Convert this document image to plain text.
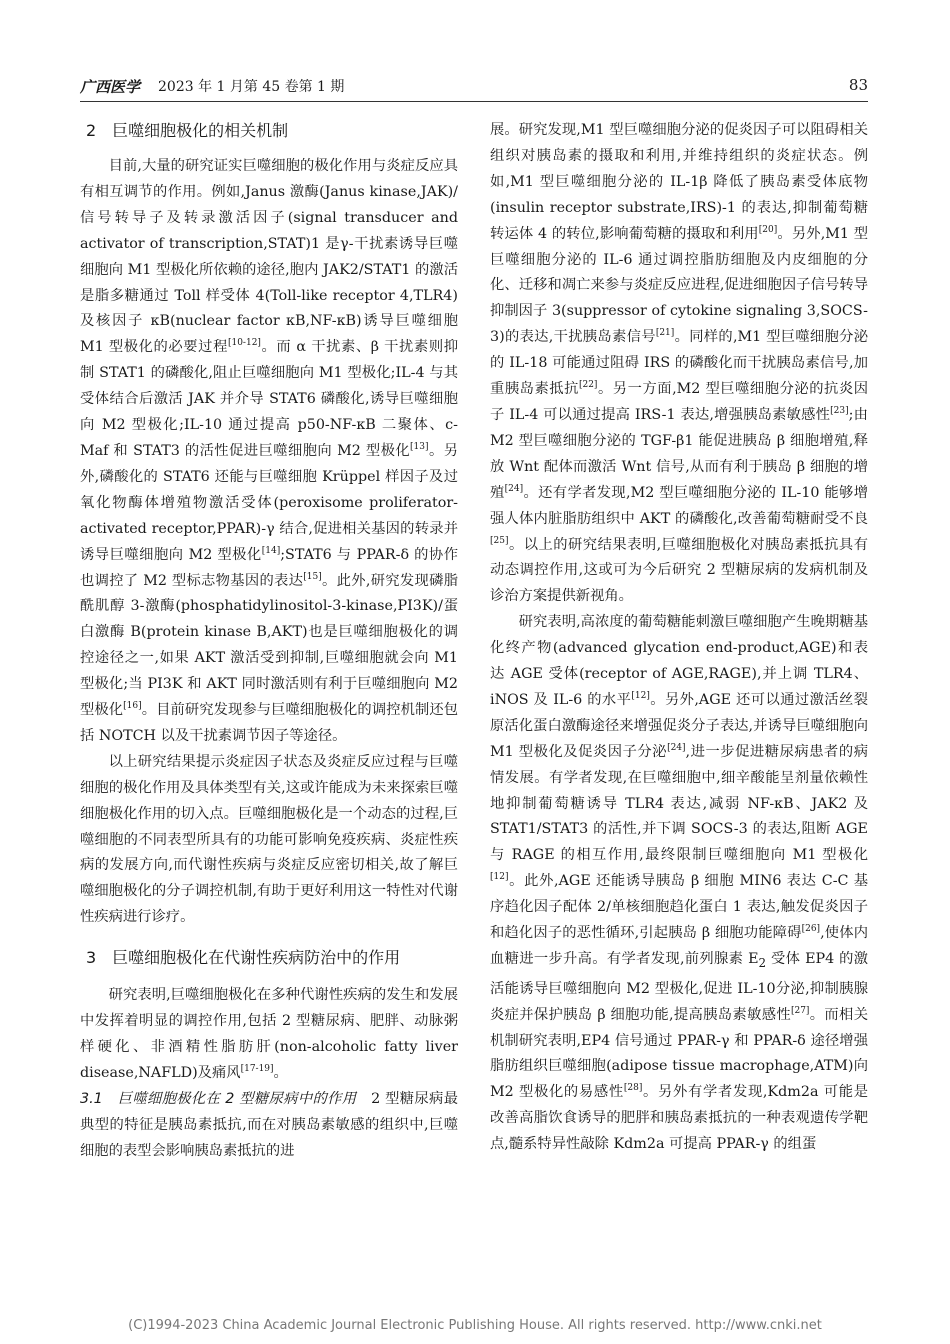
广西医学 2023 年 1 月第 45 卷第 1 期	83
2　巨噬细胞极化的相关机制

目前,大量的研究证实巨噬细胞的极化作用与炎症反应具有相互调节的作用。例如,Janus 激酶(Janus kinase,JAK)/信号转导子及转录激活因子(signal transducer and activator of transcription,STAT)1 是γ-干扰素诱导巨噬细胞向 M1 型极化所依赖的途径,胞内 JAK2/STAT1 的激活是脂多糖通过 Toll 样受体 4(Toll-like receptor 4,TLR4)及核因子 κB(nuclear factor κB,NF-κB)诱导巨噬细胞 M1 型极化的必要过程[10-12]。而 α 干扰素、β 干扰素则抑制 STAT1 的磷酸化,阻止巨噬细胞向 M1 型极化;IL-4 与其受体结合后激活 JAK 并介导 STAT6 磷酸化,诱导巨噬细胞向 M2 型极化;IL-10 通过提高 p50-NF-κB 二聚体、c-Maf 和 STAT3 的活性促进巨噬细胞向 M2 型极化[13]。另外,磷酸化的 STAT6 还能与巨噬细胞 Krüppel 样因子及过氧化物酶体增殖物激活受体(peroxisome proliferator-activated receptor,PPAR)-γ 结合,促进相关基因的转录并诱导巨噬细胞向 M2 型极化[14];STAT6 与 PPAR-δ 的协作也调控了 M2 型标志物基因的表达[15]。此外,研究发现磷脂酰肌醇 3-激酶(phosphatidylinositol-3-kinase,PI3K)/蛋白激酶 B(protein kinase B,AKT)也是巨噬细胞极化的调控途径之一,如果 AKT 激活受到抑制,巨噬细胞就会向 M1 型极化;当 PI3K 和 AKT 同时激活则有利于巨噬细胞向 M2 型极化[16]。目前研究发现参与巨噬细胞极化的调控机制还包括 NOTCH 以及干扰素调节因子等途径。

以上研究结果提示炎症因子状态及炎症反应过程与巨噬细胞的极化作用及具体类型有关,这或许能成为未来探索巨噬细胞极化作用的切入点。巨噬细胞极化是一个动态的过程,巨噬细胞的不同表型所具有的功能可影响免疫疾病、炎症性疾病的发展方向,而代谢性疾病与炎症反应密切相关,故了解巨噬细胞极化的分子调控机制,有助于更好利用这一特性对代谢性疾病进行诊疗。

3　巨噬细胞极化在代谢性疾病防治中的作用

研究表明,巨噬细胞极化在多种代谢性疾病的发生和发展中发挥着明显的调控作用,包括 2 型糖尿病、肥胖、动脉粥样硬化、非酒精性脂肪肝(non-alcoholic fatty liver disease,NAFLD)及痛风[17-19]。

3.1　巨噬细胞极化在 2 型糖尿病中的作用　2 型糖尿病最典型的特征是胰岛素抵抗,而在对胰岛素敏感的组织中,巨噬细胞的表型会影响胰岛素抵抗的进

展。研究发现,M1 型巨噬细胞分泌的促炎因子可以阻碍相关组织对胰岛素的摄取和利用,并维持组织的炎症状态。例如,M1 型巨噬细胞分泌的 IL-1β 降低了胰岛素受体底物(insulin receptor substrate,IRS)-1 的表达,抑制葡萄糖转运体 4 的转位,影响葡萄糖的摄取和利用[20]。另外,M1 型巨噬细胞分泌的 IL-6 通过调控脂肪细胞及内皮细胞的分化、迁移和凋亡来参与炎症反应进程,促进细胞因子信号转导抑制因子 3(suppressor of cytokine signaling 3,SOCS-3)的表达,干扰胰岛素信号[21]。同样的,M1 型巨噬细胞分泌的 IL-18 可能通过阻碍 IRS 的磷酸化而干扰胰岛素信号,加重胰岛素抵抗[22]。另一方面,M2 型巨噬细胞分泌的抗炎因子 IL-4 可以通过提高 IRS-1 表达,增强胰岛素敏感性[23];由 M2 型巨噬细胞分泌的 TGF-β1 能促进胰岛 β 细胞增殖,释放 Wnt 配体而激活 Wnt 信号,从而有利于胰岛 β 细胞的增殖[24]。还有学者发现,M2 型巨噬细胞分泌的 IL-10 能够增强人体内脏脂肪组织中 AKT 的磷酸化,改善葡萄糖耐受不良[25]。以上的研究结果表明,巨噬细胞极化对胰岛素抵抗具有动态调控作用,这或可为今后研究 2 型糖尿病的发病机制及诊治方案提供新视角。

研究表明,高浓度的葡萄糖能刺激巨噬细胞产生晚期糖基化终产物(advanced glycation end-product,AGE)和表达 AGE 受体(receptor of AGE,RAGE),并上调 TLR4、iNOS 及 IL-6 的水平[12]。另外,AGE 还可以通过激活丝裂原活化蛋白激酶途径来增强促炎分子表达,并诱导巨噬细胞向 M1 型极化及促炎因子分泌[24],进一步促进糖尿病患者的病情发展。有学者发现,在巨噬细胞中,细辛酸能呈剂量依赖性地抑制葡萄糖诱导 TLR4 表达,减弱 NF-κB、JAK2 及 STAT1/STAT3 的活性,并下调 SOCS-3 的表达,阻断 AGE 与 RAGE 的相互作用,最终限制巨噬细胞向 M1 型极化[12]。此外,AGE 还能诱导胰岛 β 细胞 MIN6 表达 C-C 基序趋化因子配体 2/单核细胞趋化蛋白 1 表达,触发促炎因子和趋化因子的恶性循环,引起胰岛 β 细胞功能障碍[26],使体内血糖进一步升高。有学者发现,前列腺素 $E_2$ 受体 EP4 的激活能诱导巨噬细胞向 M2 型极化,促进 IL-10分泌,抑制胰腺炎症并保护胰岛 β 细胞功能,提高胰岛素敏感性[27]。而相关机制研究表明,EP4 信号通过 PPAR-γ 和 PPAR-δ 途径增强脂肪组织巨噬细胞(adipose tissue macrophage,ATM)向 M2 型极化的易感性[28]。另外有学者发现,Kdm2a 可能是改善高脂饮食诱导的肥胖和胰岛素抵抗的一种表观遗传学靶点,髓系特异性敲除 Kdm2a 可提高 PPAR-γ 的组蛋

(C)1994-2023 China Academic Journal Electronic Publishing House. All rights reserved. http://www.cnki.net
